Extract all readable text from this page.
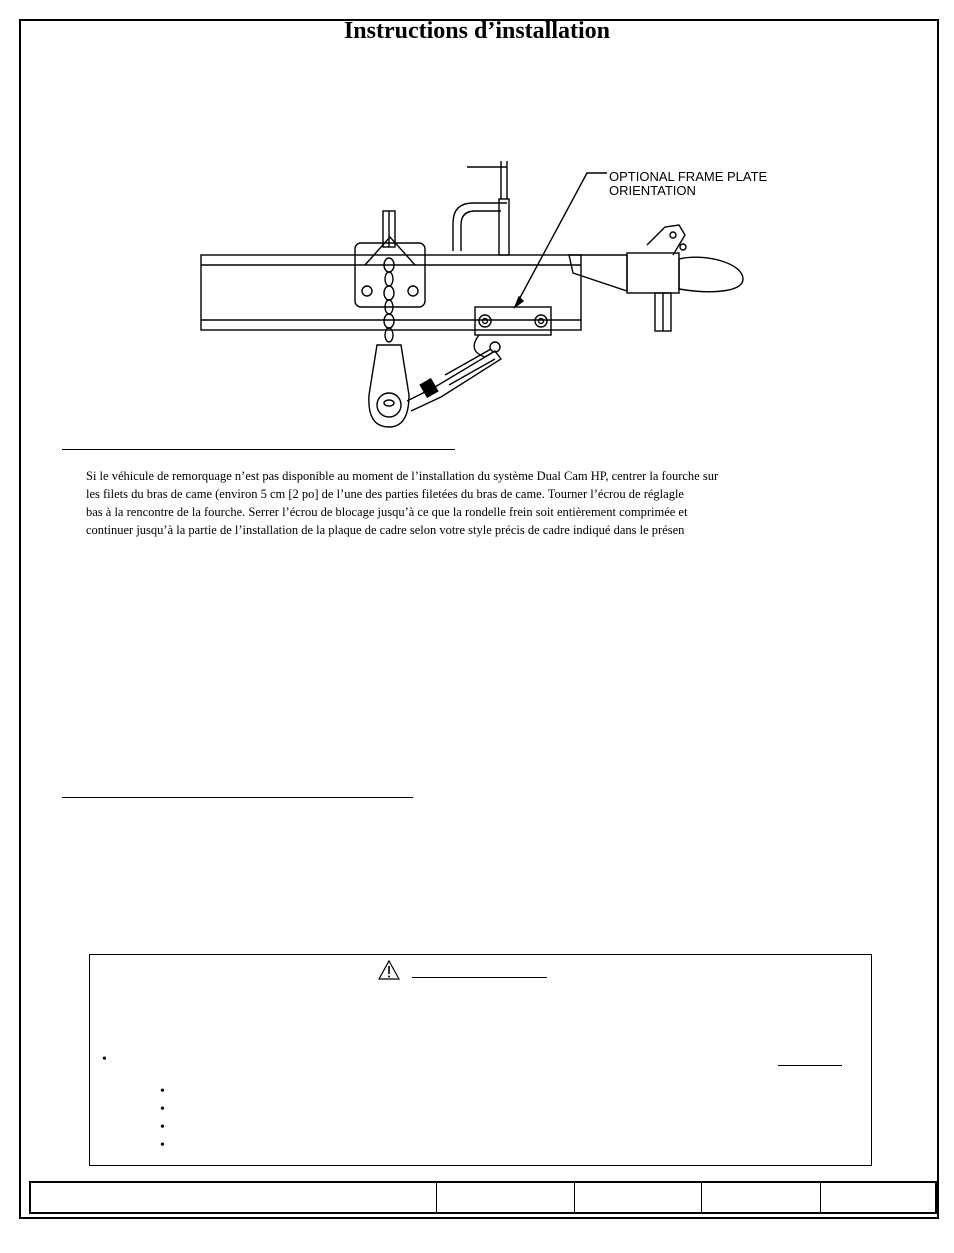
Instructions d’installation
OPTIONAL FRAME PLATE
ORIENTATION

Si le véhicule de remorquage n’est pas disponible au moment de l’installation du système Dual Cam HP, centrer la fourche sur
les filets du bras de came (environ 5 cm [2 po] de l’une des parties filetées du bras de came. Tourner l’écrou de réglagle
bas à la rencontre de la fourche. Serrer l’écrou de blocage jusqu’à ce que la rondelle frein soit entièrement comprimée et
continuer jusqu’à la partie de l’installation de la plaque de cadre selon votre style précis de cadre indiqué dans le présen

•
•
•
•
•
